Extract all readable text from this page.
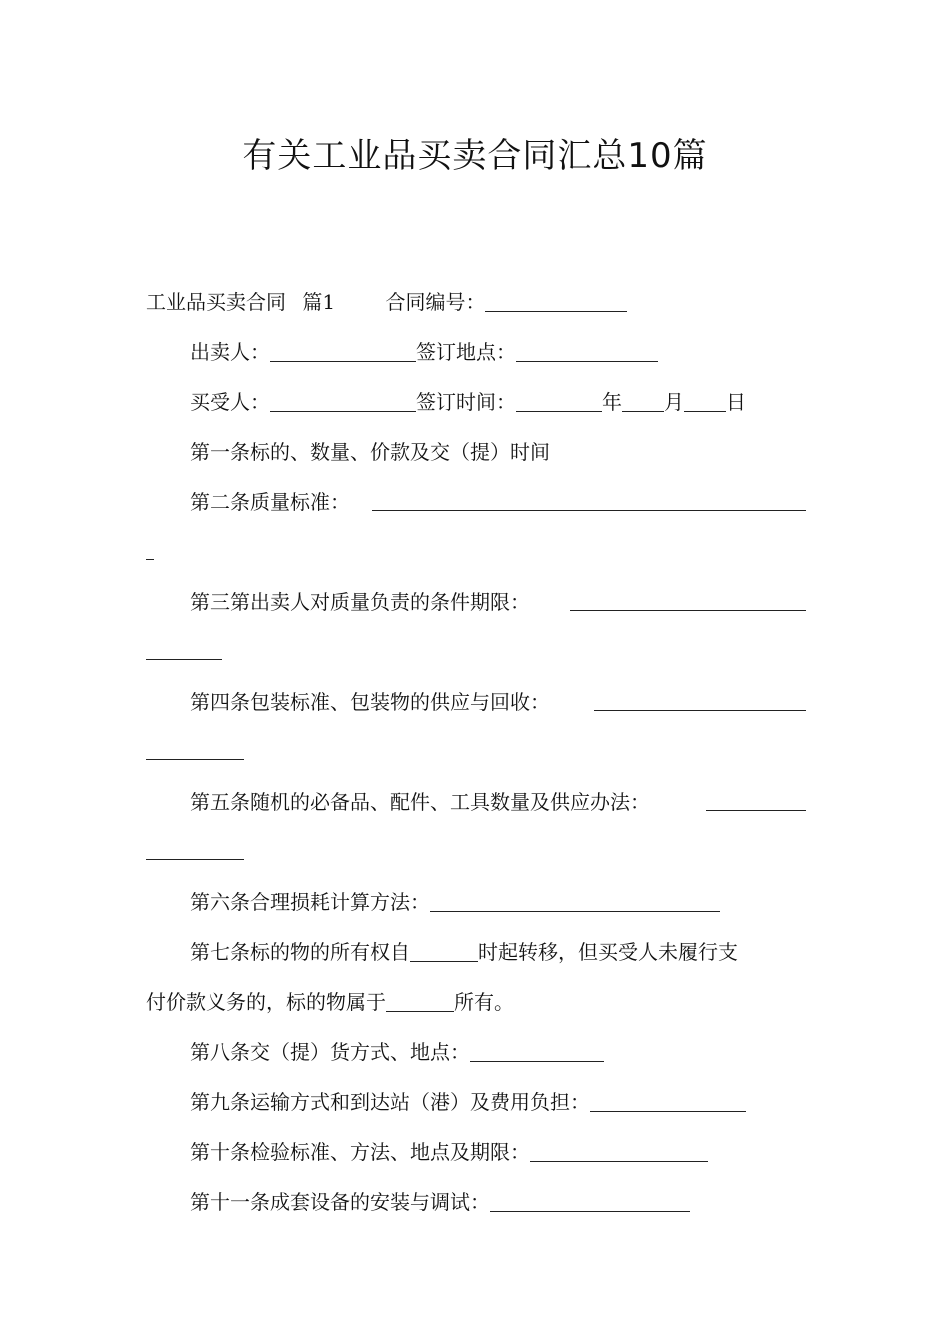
有关工业品买卖合同汇总10篇
工业品买卖合同 篇1	合同编号：
出卖人：	签订地点：
买受人：	签订时间：	年 月 日
第一条标的、数量、价款及交（提）时间
第二条质量标准：
第三第出卖人对质量负责的条件期限：
第四条包装标准、包装物的供应与回收：
第五条随机的必备品、配件、工具数量及供应办法：
第六条合理损耗计算方法：
第七条标的物的所有权自	时起转移，但买受人未履行支
付价款义务的，标的物属于	所有。
第八条交（提）货方式、地点：
第九条运输方式和到达站（港）及费用负担：
第十条检验标准、方法、地点及期限：
第十一条成套设备的安装与调试：
